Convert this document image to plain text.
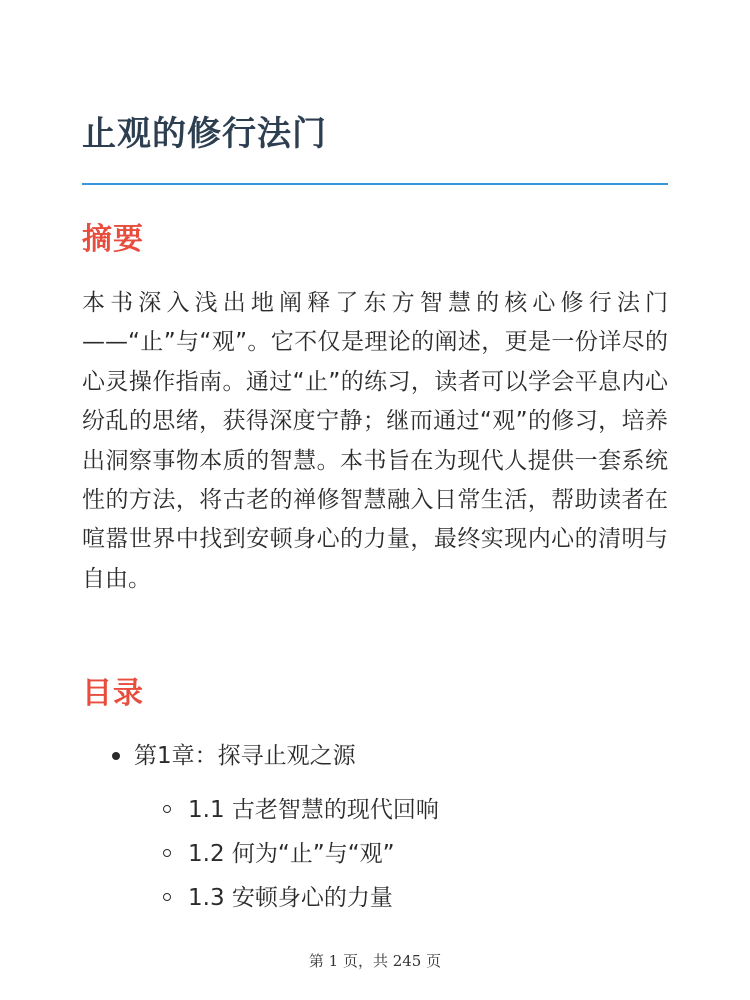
止观的修行法门
摘要

本书深入浅出地阐释了东方智慧的核心修行法门——“止”与“观”。它不仅是理论的阐述，更是一份详尽的心灵操作指南。通过“止”的练习，读者可以学会平息内心纷乱的思绪，获得深度宁静；继而通过“观”的修习，培养出洞察事物本质的智慧。本书旨在为现代人提供一套系统性的方法，将古老的禅修智慧融入日常生活，帮助读者在喧嚣世界中找到安顿身心的力量，最终实现内心的清明与自由。

目录
第1章：探寻止观之源
1.1 古老智慧的现代回响
1.2 何为“止”与“观”
1.3 安顿身心的力量
第 1 页，共 245 页
